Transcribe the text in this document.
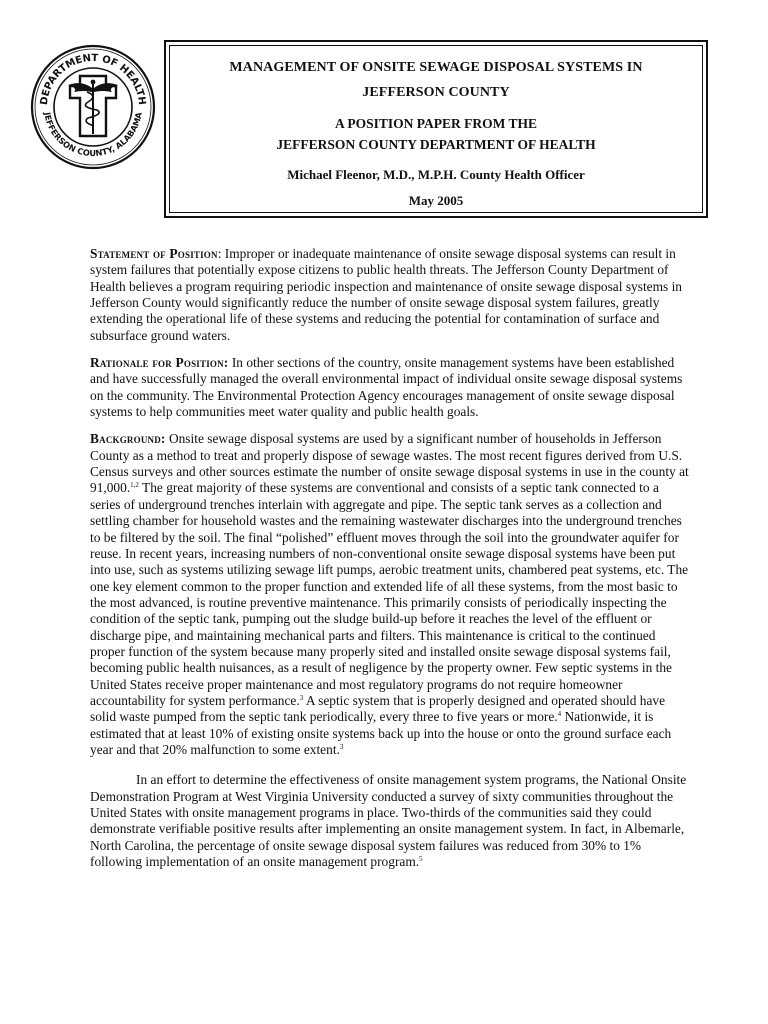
DEPARTMENT OF HEALTH
JEFFERSON COUNTY, ALABAMA
MANAGEMENT OF ONSITE SEWAGE DISPOSAL SYSTEMS IN
JEFFERSON COUNTY
A POSITION PAPER FROM THE
JEFFERSON COUNTY DEPARTMENT OF HEALTH
Michael Fleenor, M.D., M.P.H. County Health Officer
May 2005

Statement of Position: Improper or inadequate maintenance of onsite sewage disposal systems can result in system failures that potentially expose citizens to public health threats. The Jefferson County Department of Health believes a program requiring periodic inspection and maintenance of onsite sewage disposal systems in Jefferson County would significantly reduce the number of onsite sewage disposal system failures, greatly extending the operational life of these systems and reducing the potential for contamination of surface and subsurface ground waters.

Rationale for Position: In other sections of the country, onsite management systems have been established and have successfully managed the overall environmental impact of individual onsite sewage disposal systems on the community. The Environmental Protection Agency encourages management of onsite sewage disposal systems to help communities meet water quality and public health goals.

Background: Onsite sewage disposal systems are used by a significant number of households in Jefferson County as a method to treat and properly dispose of sewage wastes. The most recent figures derived from U.S. Census surveys and other sources estimate the number of onsite sewage disposal systems in use in the county at 91,000.$^{1,2}$ The great majority of these systems are conventional and consists of a septic tank connected to a series of underground trenches interlain with aggregate and pipe. The septic tank serves as a collection and settling chamber for household wastes and the remaining wastewater discharges into the underground trenches to be filtered by the soil. The final “polished” effluent moves through the soil into the groundwater aquifer for reuse. In recent years, increasing numbers of non-conventional onsite sewage disposal systems have been put into use, such as systems utilizing sewage lift pumps, aerobic treatment units, chambered peat systems, etc. The one key element common to the proper function and extended life of all these systems, from the most basic to the most advanced, is routine preventive maintenance. This primarily consists of periodically inspecting the condition of the septic tank, pumping out the sludge build-up before it reaches the level of the effluent or discharge pipe, and maintaining mechanical parts and filters. This maintenance is critical to the continued proper function of the system because many properly sited and installed onsite sewage disposal systems fail, becoming public health nuisances, as a result of negligence by the property owner. Few septic systems in the United States receive proper maintenance and most regulatory programs do not require homeowner accountability for system performance.$^3$ A septic system that is properly designed and operated should have solid waste pumped from the septic tank periodically, every three to five years or more.$^4$ Nationwide, it is estimated that at least 10% of existing onsite systems back up into the house or onto the ground surface each year and that 20% malfunction to some extent.$^3$

In an effort to determine the effectiveness of onsite management system programs, the National Onsite Demonstration Program at West Virginia University conducted a survey of sixty communities throughout the United States with onsite management programs in place. Two-thirds of the communities said they could demonstrate verifiable positive results after implementing an onsite management system. In fact, in Albemarle, North Carolina, the percentage of onsite sewage disposal system failures was reduced from 30% to 1% following implementation of an onsite management program.$^5$
